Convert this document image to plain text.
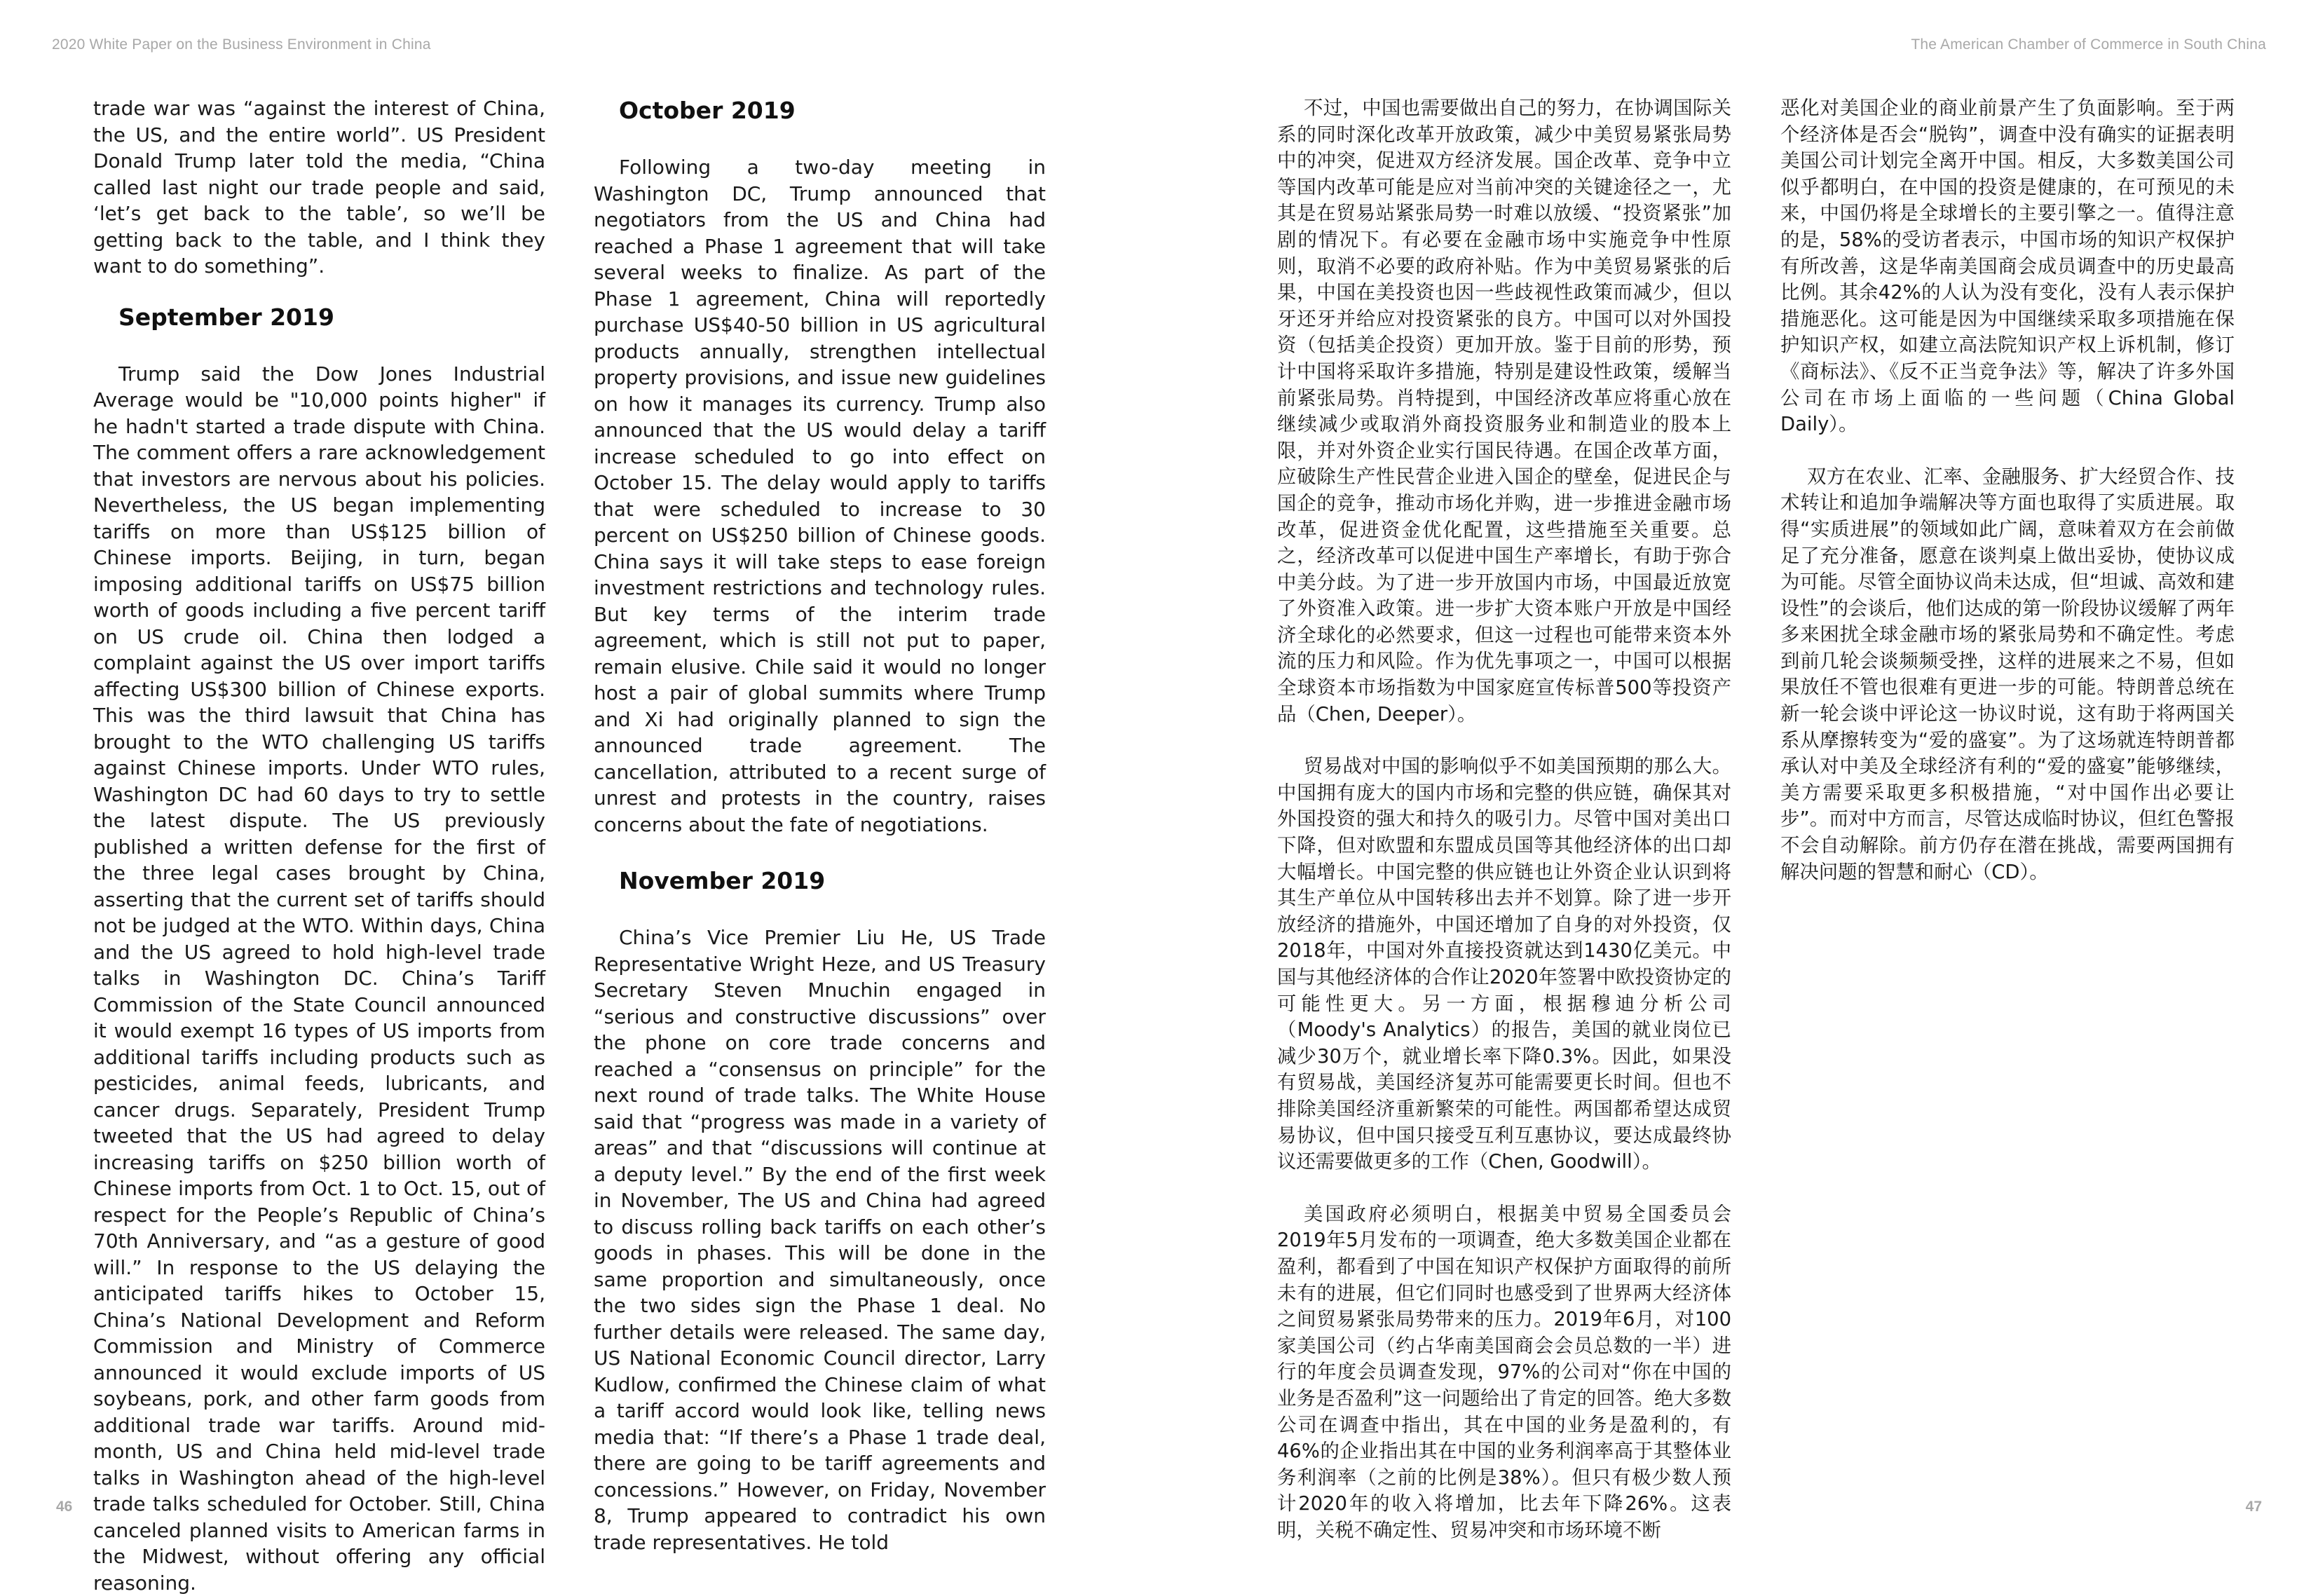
2020 White Paper on the Business Environment in China	The American Chamber of Commerce in South China

trade war was “against the interest of China, the US, and the entire world”. US President Donald Trump later told the media, “China called last night our trade people and said, ‘let’s get back to the table’, so we’ll be getting back to the table, and I think they want to do something”.

September 2019

Trump said the Dow Jones Industrial Average would be "10,000 points higher" if he hadn't started a trade dispute with China. The comment offers a rare acknowledgement that investors are nervous about his policies. Nevertheless, the US began implementing tariffs on more than US$125 billion of Chinese imports. Beijing, in turn, began imposing additional tariffs on US$75 billion worth of goods including a five percent tariff on US crude oil. China then lodged a complaint against the US over import tariffs affecting US$300 billion of Chinese exports. This was the third lawsuit that China has brought to the WTO challenging US tariffs against Chinese imports. Under WTO rules, Washington DC had 60 days to try to settle the latest dispute. The US previously published a written defense for the first of the three legal cases brought by China, asserting that the current set of tariffs should not be judged at the WTO. Within days, China and the US agreed to hold high-level trade talks in Washington DC. China’s Tariff Commission of the State Council announced it would exempt 16 types of US imports from additional tariffs including products such as pesticides, animal feeds, lubricants, and cancer drugs. Separately, President Trump tweeted that the US had agreed to delay increasing tariffs on $250 billion worth of Chinese imports from Oct. 1 to Oct. 15, out of respect for the People’s Republic of China’s 70th Anniversary, and “as a gesture of good will.” In response to the US delaying the anticipated tariffs hikes to October 15, China’s National Development and Reform Commission and Ministry of Commerce announced it would exclude imports of US soybeans, pork, and other farm goods from additional trade war tariffs. Around mid-month, US and China held mid-level trade talks in Washington ahead of the high-level trade talks scheduled for October. Still, China canceled planned visits to American farms in the Midwest, without offering any official reasoning.

October 2019

Following a two-day meeting in Washington DC, Trump announced that negotiators from the US and China had reached a Phase 1 agreement that will take several weeks to finalize. As part of the Phase 1 agreement, China will reportedly purchase US$40-50 billion in US agricultural products annually, strengthen intellectual property provisions, and issue new guidelines on how it manages its currency. Trump also announced that the US would delay a tariff increase scheduled to go into effect on October 15. The delay would apply to tariffs that were scheduled to increase to 30 percent on US$250 billion of Chinese goods. China says it will take steps to ease foreign investment restrictions and technology rules. But key terms of the interim trade agreement, which is still not put to paper, remain elusive. Chile said it would no longer host a pair of global summits where Trump and Xi had originally planned to sign the announced trade agreement. The cancellation, attributed to a recent surge of unrest and protests in the country, raises concerns about the fate of negotiations.

November 2019

China’s Vice Premier Liu He, US Trade Representative Wright Heze, and US Treasury Secretary Steven Mnuchin engaged in “serious and constructive discussions” over the phone on core trade concerns and reached a “consensus on principle” for the next round of trade talks. The White House said that “progress was made in a variety of areas” and that “discussions will continue at a deputy level.” By the end of the first week in November, The US and China had agreed to discuss rolling back tariffs on each other’s goods in phases. This will be done in the same proportion and simultaneously, once the two sides sign the Phase 1 deal. No further details were released. The same day, US National Economic Council director, Larry Kudlow, confirmed the Chinese claim of what a tariff accord would look like, telling news media that: “If there’s a Phase 1 trade deal, there are going to be tariff agreements and concessions.” However, on Friday, November 8, Trump appeared to contradict his own trade representatives. He told

不过，中国也需要做出自己的努力，在协调国际关系的同时深化改革开放政策，减少中美贸易紧张局势中的冲突，促进双方经济发展。国企改革、竞争中立等国内改革可能是应对当前冲突的关键途径之一，尤其是在贸易站紧张局势一时难以放缓、“投资紧张”加剧的情况下。有必要在金融市场中实施竞争中性原则，取消不必要的政府补贴。作为中美贸易紧张的后果，中国在美投资也因一些歧视性政策而减少，但以牙还牙并给应对投资紧张的良方。中国可以对外国投资（包括美企投资）更加开放。鉴于目前的形势，预计中国将采取许多措施，特别是建设性政策，缓解当前紧张局势。肖特提到，中国经济改革应将重心放在继续减少或取消外商投资服务业和制造业的股本上限，并对外资企业实行国民待遇。在国企改革方面，应破除生产性民营企业进入国企的壁垒，促进民企与国企的竞争，推动市场化并购，进一步推进金融市场改革，促进资金优化配置，这些措施至关重要。总之，经济改革可以促进中国生产率增长，有助于弥合中美分歧。为了进一步开放国内市场，中国最近放宽了外资准入政策。进一步扩大资本账户开放是中国经济全球化的必然要求，但这一过程也可能带来资本外流的压力和风险。作为优先事项之一，中国可以根据全球资本市场指数为中国家庭宣传标普500等投资产品（Chen, Deeper）。

贸易战对中国的影响似乎不如美国预期的那么大。中国拥有庞大的国内市场和完整的供应链，确保其对外国投资的强大和持久的吸引力。尽管中国对美出口下降，但对欧盟和东盟成员国等其他经济体的出口却大幅增长。中国完整的供应链也让外资企业认识到将其生产单位从中国转移出去并不划算。除了进一步开放经济的措施外，中国还增加了自身的对外投资，仅2018年，中国对外直接投资就达到1430亿美元。中国与其他经济体的合作让2020年签署中欧投资协定的可能性更大。另一方面，根据穆迪分析公司（Moody's Analytics）的报告，美国的就业岗位已减少30万个，就业增长率下降0.3%。因此，如果没有贸易战，美国经济复苏可能需要更长时间。但也不排除美国经济重新繁荣的可能性。两国都希望达成贸易协议，但中国只接受互利互惠协议，要达成最终协议还需要做更多的工作（Chen, Goodwill）。

美国政府必须明白，根据美中贸易全国委员会2019年5月发布的一项调查，绝大多数美国企业都在盈利，都看到了中国在知识产权保护方面取得的前所未有的进展，但它们同时也感受到了世界两大经济体之间贸易紧张局势带来的压力。2019年6月，对100家美国公司（约占华南美国商会会员总数的一半）进行的年度会员调查发现，97%的公司对“你在中国的业务是否盈利”这一问题给出了肯定的回答。绝大多数公司在调查中指出，其在中国的业务是盈利的，有46%的企业指出其在中国的业务利润率高于其整体业务利润率（之前的比例是38%）。但只有极少数人预计2020年的收入将增加，比去年下降26%。这表明，关税不确定性、贸易冲突和市场环境不断

恶化对美国企业的商业前景产生了负面影响。至于两个经济体是否会“脱钩”，调查中没有确实的证据表明美国公司计划完全离开中国。相反，大多数美国公司似乎都明白，在中国的投资是健康的，在可预见的未来，中国仍将是全球增长的主要引擎之一。值得注意的是，58%的受访者表示，中国市场的知识产权保护有所改善，这是华南美国商会成员调查中的历史最高比例。其余42%的人认为没有变化，没有人表示保护措施恶化。这可能是因为中国继续采取多项措施在保护知识产权，如建立高法院知识产权上诉机制，修订《商标法》、《反不正当竞争法》等，解决了许多外国公司在市场上面临的一些问题（China Global Daily）。

双方在农业、汇率、金融服务、扩大经贸合作、技术转让和追加争端解决等方面也取得了实质进展。取得“实质进展”的领域如此广阔，意味着双方在会前做足了充分准备，愿意在谈判桌上做出妥协，使协议成为可能。尽管全面协议尚未达成，但“坦诚、高效和建设性”的会谈后，他们达成的第一阶段协议缓解了两年多来困扰全球金融市场的紧张局势和不确定性。考虑到前几轮会谈频频受挫，这样的进展来之不易，但如果放任不管也很难有更进一步的可能。特朗普总统在新一轮会谈中评论这一协议时说，这有助于将两国关系从摩擦转变为“爱的盛宴”。为了这场就连特朗普都承认对中美及全球经济有利的“爱的盛宴”能够继续，美方需要采取更多积极措施，“对中国作出必要让步”。而对中方而言，尽管达成临时协议，但红色警报不会自动解除。前方仍存在潜在挑战，需要两国拥有解决问题的智慧和耐心（CD）。

46	47
